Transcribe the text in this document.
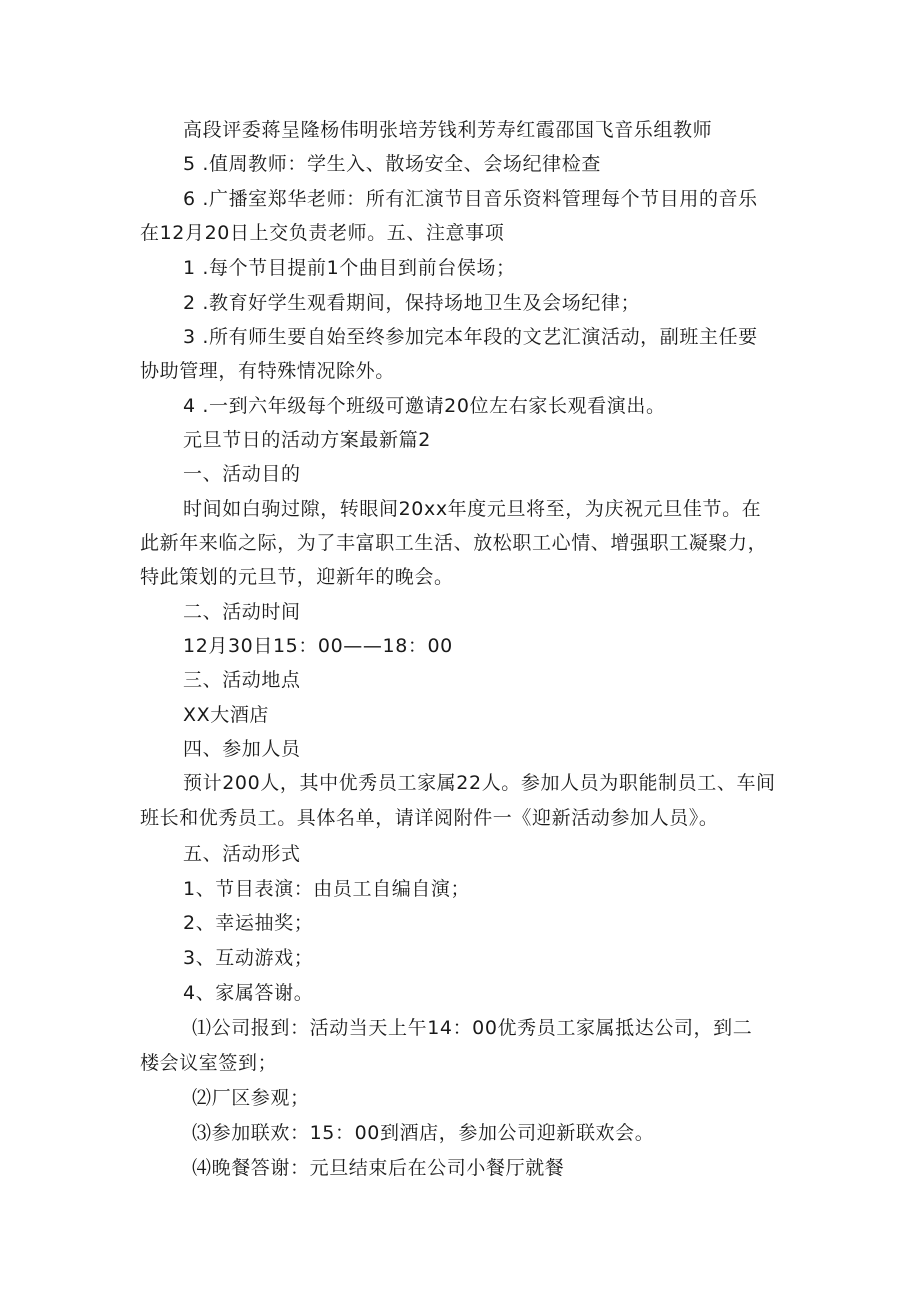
高段评委蒋呈隆杨伟明张培芳钱利芳寿红霞邵国飞音乐组教师
5 .值周教师：学生入、散场安全、会场纪律检查
6 .广播室郑华老师：所有汇演节目音乐资料管理每个节目用的音乐
在12月20日上交负责老师。五、注意事项
1 .每个节目提前1个曲目到前台侯场；
2 .教育好学生观看期间，保持场地卫生及会场纪律；
3 .所有师生要自始至终参加完本年段的文艺汇演活动，副班主任要
协助管理，有特殊情况除外。
4 .一到六年级每个班级可邀请20位左右家长观看演出。
元旦节日的活动方案最新篇2
一、活动目的
时间如白驹过隙，转眼间20xx年度元旦将至，为庆祝元旦佳节。在
此新年来临之际，为了丰富职工生活、放松职工心情、增强职工凝聚力，
特此策划的元旦节，迎新年的晚会。
二、活动时间
12月30日15：00——18：00
三、活动地点
XX大酒店
四、参加人员
预计200人，其中优秀员工家属22人。参加人员为职能制员工、车间
班长和优秀员工。具体名单，请详阅附件一《迎新活动参加人员》。
五、活动形式
1、节目表演：由员工自编自演；
2、幸运抽奖；
3、互动游戏；
4、家属答谢。
⑴公司报到：活动当天上午14：00优秀员工家属抵达公司，到二
楼会议室签到；
⑵厂区参观；
⑶参加联欢：15：00到酒店，参加公司迎新联欢会。
⑷晚餐答谢：元旦结束后在公司小餐厅就餐
